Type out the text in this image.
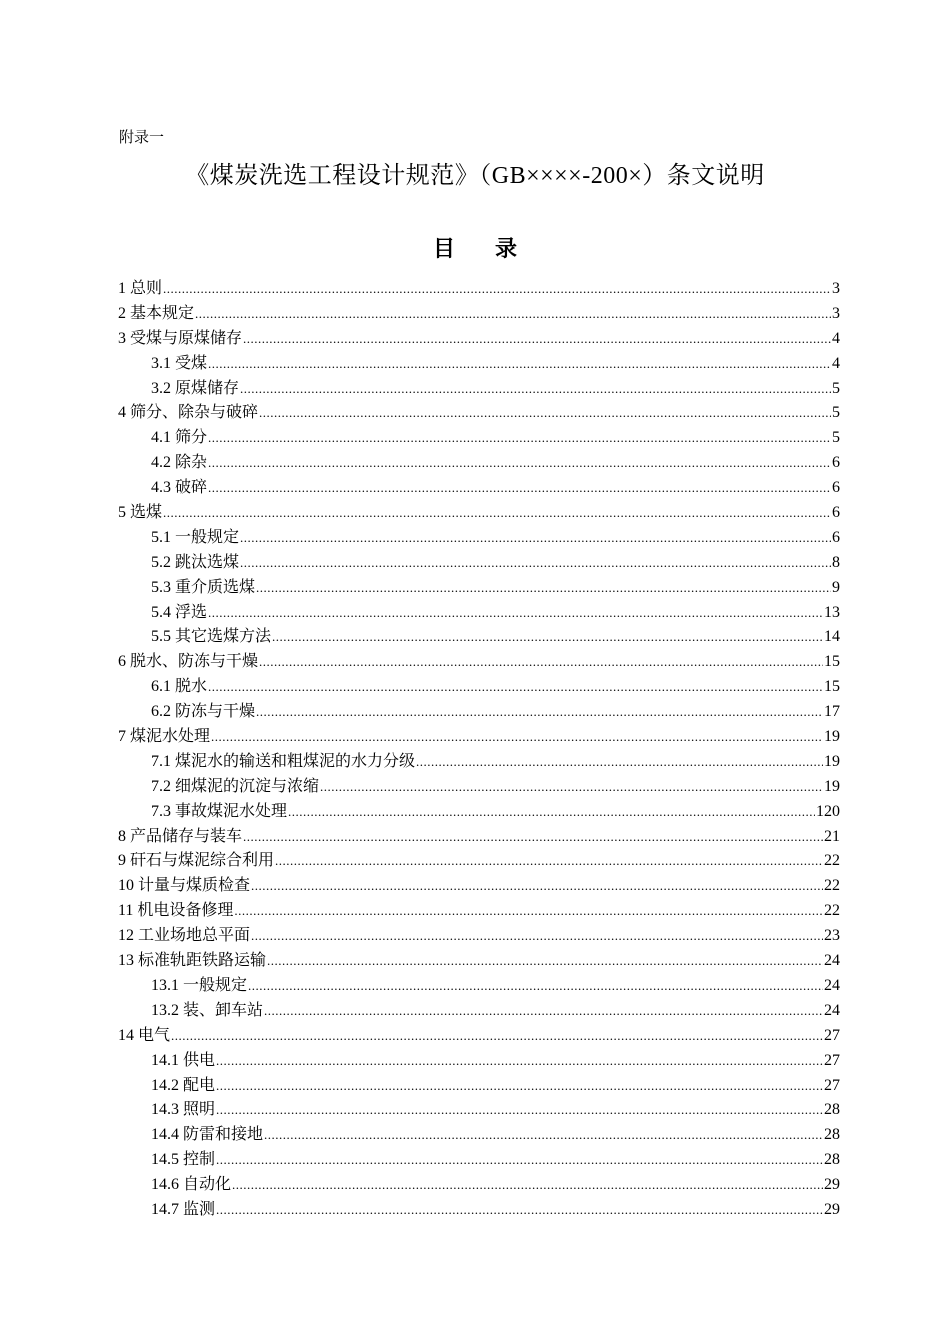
附录一
《煤炭洗选工程设计规范》（GB××××-200×）条文说明
目 录
1 总则 .....	3
2 基本规定 .....	3
3 受煤与原煤储存 .....	4
3.1 受煤 .....	4
3.2 原煤储存 .....	5
4 筛分、除杂与破碎 .....	5
4.1 筛分 .....	5
4.2 除杂 .....	6
4.3 破碎 .....	6
5 选煤 .....	6
5.1 一般规定 .....	6
5.2 跳汰选煤 .....	8
5.3 重介质选煤 .....	9
5.4 浮选 .....	13
5.5 其它选煤方法 .....	14
6 脱水、防冻与干燥 .....	15
6.1 脱水 .....	15
6.2 防冻与干燥 .....	17
7 煤泥水处理 .....	19
7.1 煤泥水的输送和粗煤泥的水力分级 .....	19
7.2 细煤泥的沉淀与浓缩 .....	19
7.3 事故煤泥水处理 .....	120
8 产品储存与装车 .....	21
9 矸石与煤泥综合利用 .....	22
10 计量与煤质检查 .....	22
11 机电设备修理 .....	22
12 工业场地总平面 .....	23
13 标准轨距铁路运输 .....	24
13.1 一般规定 .....	24
13.2 装、卸车站 .....	24
14 电气 .....	27
14.1 供电 .....	27
14.2 配电 .....	27
14.3 照明 .....	28
14.4 防雷和接地 .....	28
14.5 控制 .....	28
14.6 自动化 .....	29
14.7 监测 .....	29
